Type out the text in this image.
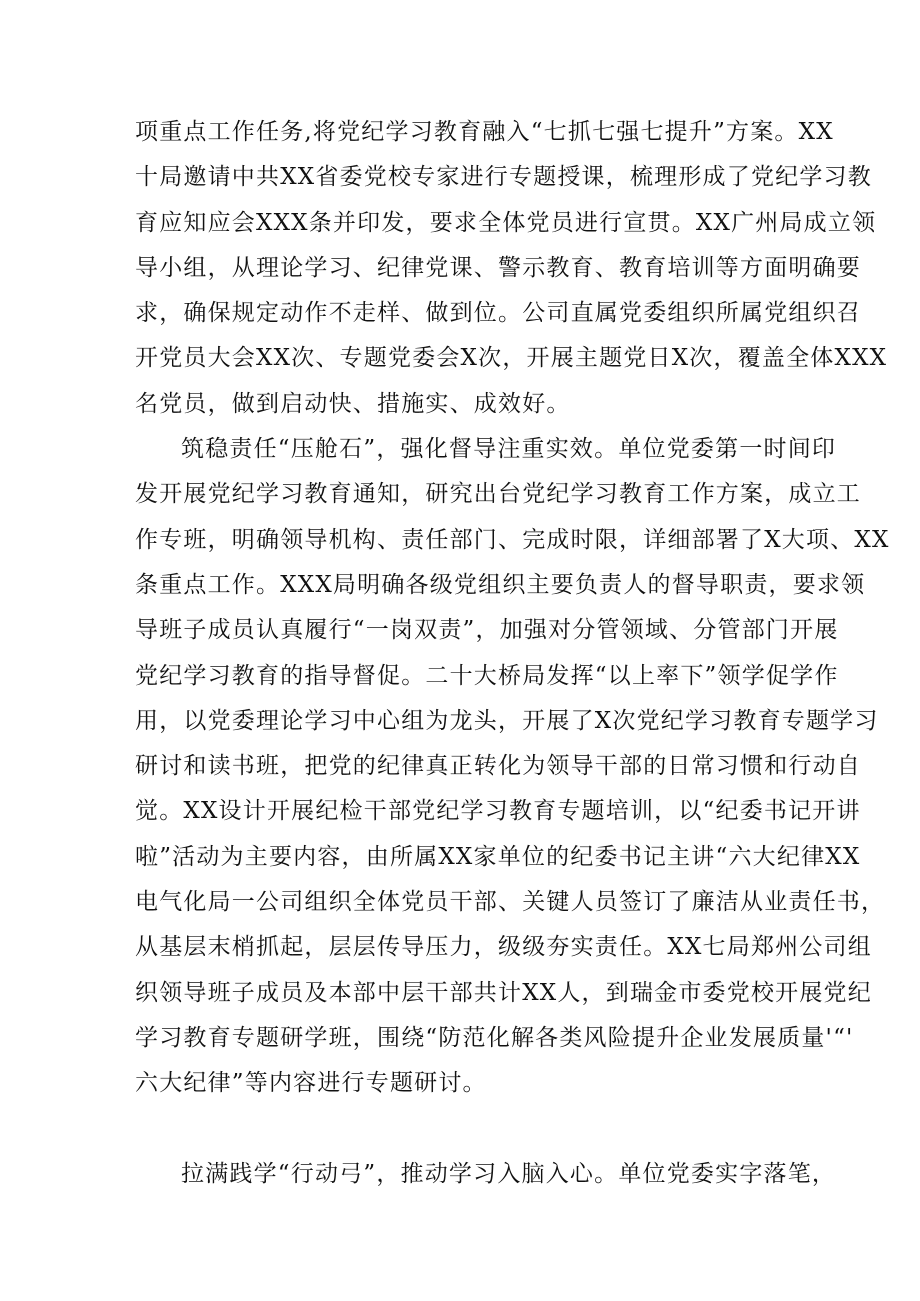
项重点工作任务,将党纪学习教育融入“七抓七强七提升”方案。XX
十局邀请中共XX省委党校专家进行专题授课，梳理形成了党纪学习教
育应知应会XXX条并印发，要求全体党员进行宣贯。XX广州局成立领
导小组，从理论学习、纪律党课、警示教育、教育培训等方面明确要
求，确保规定动作不走样、做到位。公司直属党委组织所属党组织召
开党员大会XX次、专题党委会X次，开展主题党日X次，覆盖全体XXX
名党员，做到启动快、措施实、成效好。
筑稳责任“压舱石”，强化督导注重实效。单位党委第一时间印
发开展党纪学习教育通知，研究出台党纪学习教育工作方案，成立工
作专班，明确领导机构、责任部门、完成时限，详细部署了X大项、XX
条重点工作。XXX局明确各级党组织主要负责人的督导职责，要求领
导班子成员认真履行“一岗双责”，加强对分管领域、分管部门开展
党纪学习教育的指导督促。二十大桥局发挥“以上率下”领学促学作
用，以党委理论学习中心组为龙头，开展了X次党纪学习教育专题学习
研讨和读书班，把党的纪律真正转化为领导干部的日常习惯和行动自
觉。XX设计开展纪检干部党纪学习教育专题培训，以“纪委书记开讲
啦”活动为主要内容，由所属XX家单位的纪委书记主讲“六大纪律XX
电气化局一公司组织全体党员干部、关键人员签订了廉洁从业责任书，
从基层末梢抓起，层层传导压力，级级夯实责任。XX七局郑州公司组
织领导班子成员及本部中层干部共计XX人，到瑞金市委党校开展党纪
学习教育专题研学班，围绕“防范化解各类风险提升企业发展质量'“'
六大纪律”等内容进行专题研讨。
拉满践学“行动弓”，推动学习入脑入心。单位党委实字落笔，
